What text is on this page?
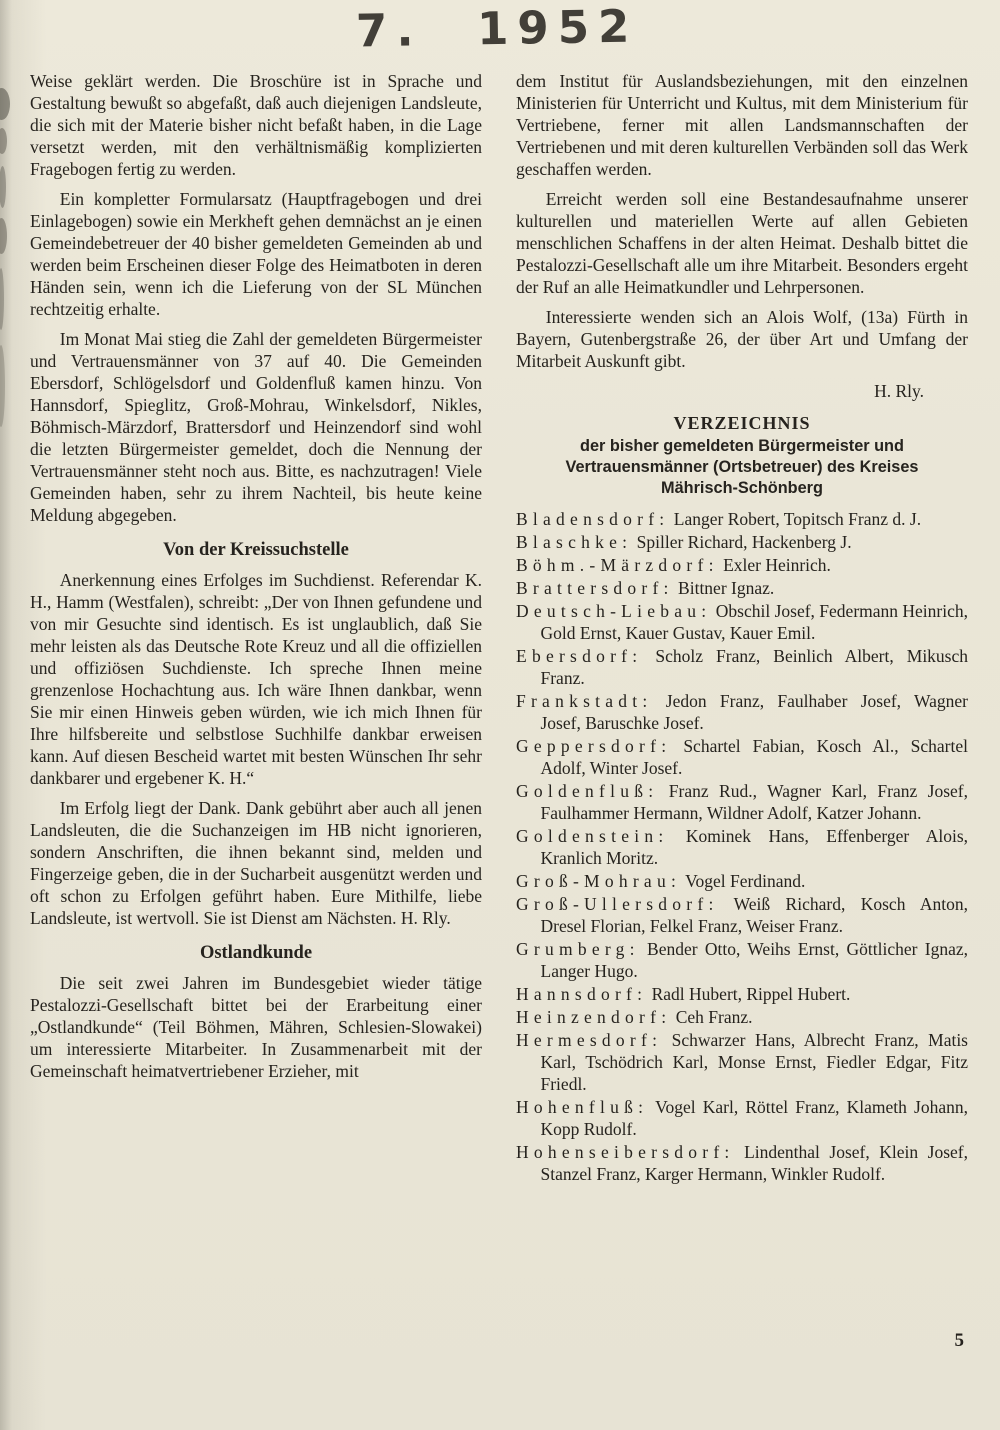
7. 1952

Weise geklärt werden. Die Broschüre ist in Sprache und Gestaltung bewußt so abgefaßt, daß auch diejenigen Landsleute, die sich mit der Materie bisher nicht befaßt haben, in die Lage versetzt werden, mit den verhältnismäßig komplizierten Fragebogen fertig zu werden.

Ein kompletter Formularsatz (Hauptfragebogen und drei Einlagebogen) sowie ein Merkheft gehen demnächst an je einen Gemeindebetreuer der 40 bisher gemeldeten Gemeinden ab und werden beim Erscheinen dieser Folge des Heimatboten in deren Händen sein, wenn ich die Lieferung von der SL München rechtzeitig erhalte.

Im Monat Mai stieg die Zahl der gemeldeten Bürgermeister und Vertrauensmänner von 37 auf 40. Die Gemeinden Ebersdorf, Schlögelsdorf und Goldenfluß kamen hinzu. Von Hannsdorf, Spieglitz, Groß-Mohrau, Winkelsdorf, Nikles, Böhmisch-Märzdorf, Brattersdorf und Heinzendorf sind wohl die letzten Bürgermeister gemeldet, doch die Nennung der Vertrauensmänner steht noch aus. Bitte, es nachzutragen! Viele Gemeinden haben, sehr zu ihrem Nachteil, bis heute keine Meldung abgegeben.

Von der Kreissuchstelle

Anerkennung eines Erfolges im Suchdienst. Referendar K. H., Hamm (Westfalen), schreibt: „Der von Ihnen gefundene und von mir Gesuchte sind identisch. Es ist unglaublich, daß Sie mehr leisten als das Deutsche Rote Kreuz und all die offiziellen und offiziösen Suchdienste. Ich spreche Ihnen meine grenzenlose Hochachtung aus. Ich wäre Ihnen dankbar, wenn Sie mir einen Hinweis geben würden, wie ich mich Ihnen für Ihre hilfsbereite und selbstlose Suchhilfe dankbar erweisen kann. Auf diesen Bescheid wartet mit besten Wünschen Ihr sehr dankbarer und ergebener K. H.“

Im Erfolg liegt der Dank. Dank gebührt aber auch all jenen Landsleuten, die die Suchanzeigen im HB nicht ignorieren, sondern Anschriften, die ihnen bekannt sind, melden und Fingerzeige geben, die in der Sucharbeit ausgenützt werden und oft schon zu Erfolgen geführt haben. Eure Mithilfe, liebe Landsleute, ist wertvoll. Sie ist Dienst am Nächsten. H. Rly.

Ostlandkunde

Die seit zwei Jahren im Bundesgebiet wieder tätige Pestalozzi-Gesellschaft bittet bei der Erarbeitung einer „Ostlandkunde“ (Teil Böhmen, Mähren, Schlesien-Slowakei) um interessierte Mitarbeiter. In Zusammenarbeit mit der Gemeinschaft heimatvertriebener Erzieher, mit

dem Institut für Auslandsbeziehungen, mit den einzelnen Ministerien für Unterricht und Kultus, mit dem Ministerium für Vertriebene, ferner mit allen Landsmannschaften der Vertriebenen und mit deren kulturellen Verbänden soll das Werk geschaffen werden.

Erreicht werden soll eine Bestandesaufnahme unserer kulturellen und materiellen Werte auf allen Gebieten menschlichen Schaffens in der alten Heimat. Deshalb bittet die Pestalozzi-Gesellschaft alle um ihre Mitarbeit. Besonders ergeht der Ruf an alle Heimatkundler und Lehrpersonen.

Interessierte wenden sich an Alois Wolf, (13a) Fürth in Bayern, Gutenbergstraße 26, der über Art und Umfang der Mitarbeit Auskunft gibt.

H. Rly.
VERZEICHNIS
der bisher gemeldeten Bürgermeister und
Vertrauensmänner (Ortsbetreuer) des Kreises
Mährisch-Schönberg
Bladensdorf: Langer Robert, Topitsch Franz d. J.
Blaschke: Spiller Richard, Hackenberg J.
Böhm.-Märzdorf: Exler Heinrich.
Brattersdorf: Bittner Ignaz.
Deutsch-Liebau: Obschil Josef, Federmann Heinrich, Gold Ernst, Kauer Gustav, Kauer Emil.
Ebersdorf: Scholz Franz, Beinlich Albert, Mikusch Franz.
Frankstadt: Jedon Franz, Faulhaber Josef, Wagner Josef, Baruschke Josef.
Geppersdorf: Schartel Fabian, Kosch Al., Schartel Adolf, Winter Josef.
Goldenfluß: Franz Rud., Wagner Karl, Franz Josef, Faulhammer Hermann, Wildner Adolf, Katzer Johann.
Goldenstein: Kominek Hans, Effenberger Alois, Kranlich Moritz.
Groß-Mohrau: Vogel Ferdinand.
Groß-Ullersdorf: Weiß Richard, Kosch Anton, Dresel Florian, Felkel Franz, Weiser Franz.
Grumberg: Bender Otto, Weihs Ernst, Göttlicher Ignaz, Langer Hugo.
Hannsdorf: Radl Hubert, Rippel Hubert.
Heinzendorf: Ceh Franz.
Hermesdorf: Schwarzer Hans, Albrecht Franz, Matis Karl, Tschödrich Karl, Monse Ernst, Fiedler Edgar, Fitz Friedl.
Hohenfluß: Vogel Karl, Röttel Franz, Klameth Johann, Kopp Rudolf.
Hohenseibersdorf: Lindenthal Josef, Klein Josef, Stanzel Franz, Karger Hermann, Winkler Rudolf.
5
